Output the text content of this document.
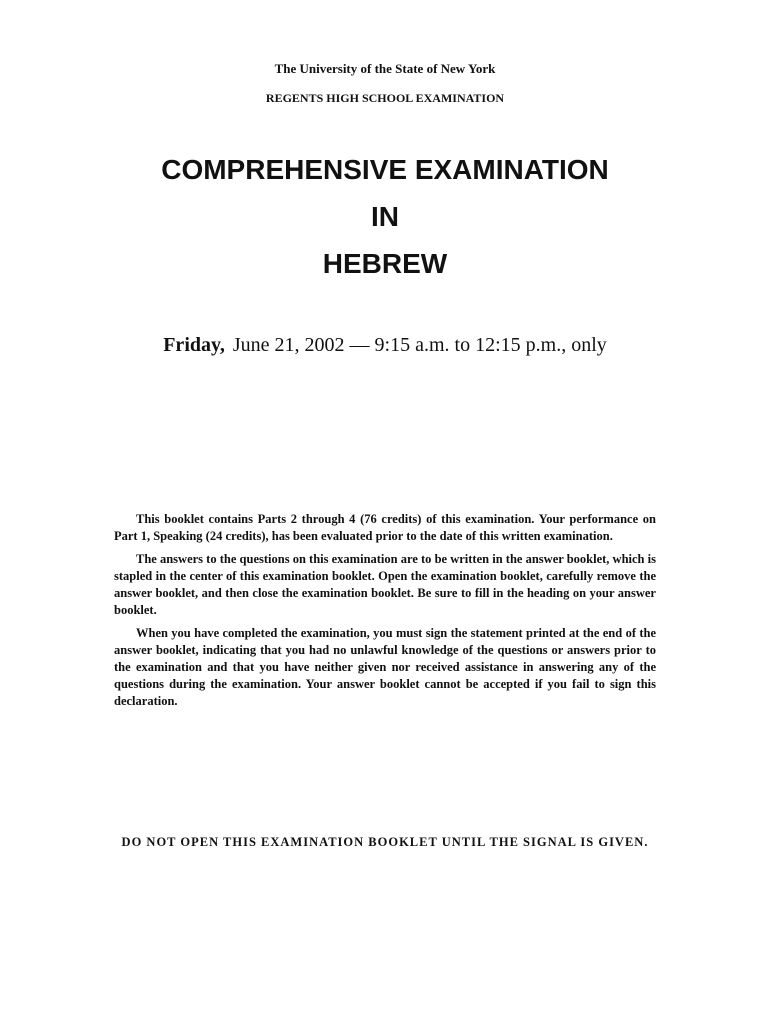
The University of the State of New York
REGENTS HIGH SCHOOL EXAMINATION
COMPREHENSIVE EXAMINATION
IN
HEBREW
Friday, June 21, 2002 — 9:15 a.m. to 12:15 p.m., only

This booklet contains Parts 2 through 4 (76 credits) of this examination. Your performance on Part 1, Speaking (24 credits), has been evaluated prior to the date of this written examination.

The answers to the questions on this examination are to be written in the answer booklet, which is stapled in the center of this examination booklet. Open the examination booklet, carefully remove the answer booklet, and then close the examination booklet. Be sure to fill in the heading on your answer booklet.

When you have completed the examination, you must sign the statement printed at the end of the answer booklet, indicating that you had no unlawful knowledge of the questions or answers prior to the examination and that you have neither given nor received assistance in answering any of the questions during the examination. Your answer booklet cannot be accepted if you fail to sign this declaration.

DO NOT OPEN THIS EXAMINATION BOOKLET UNTIL THE SIGNAL IS GIVEN.
